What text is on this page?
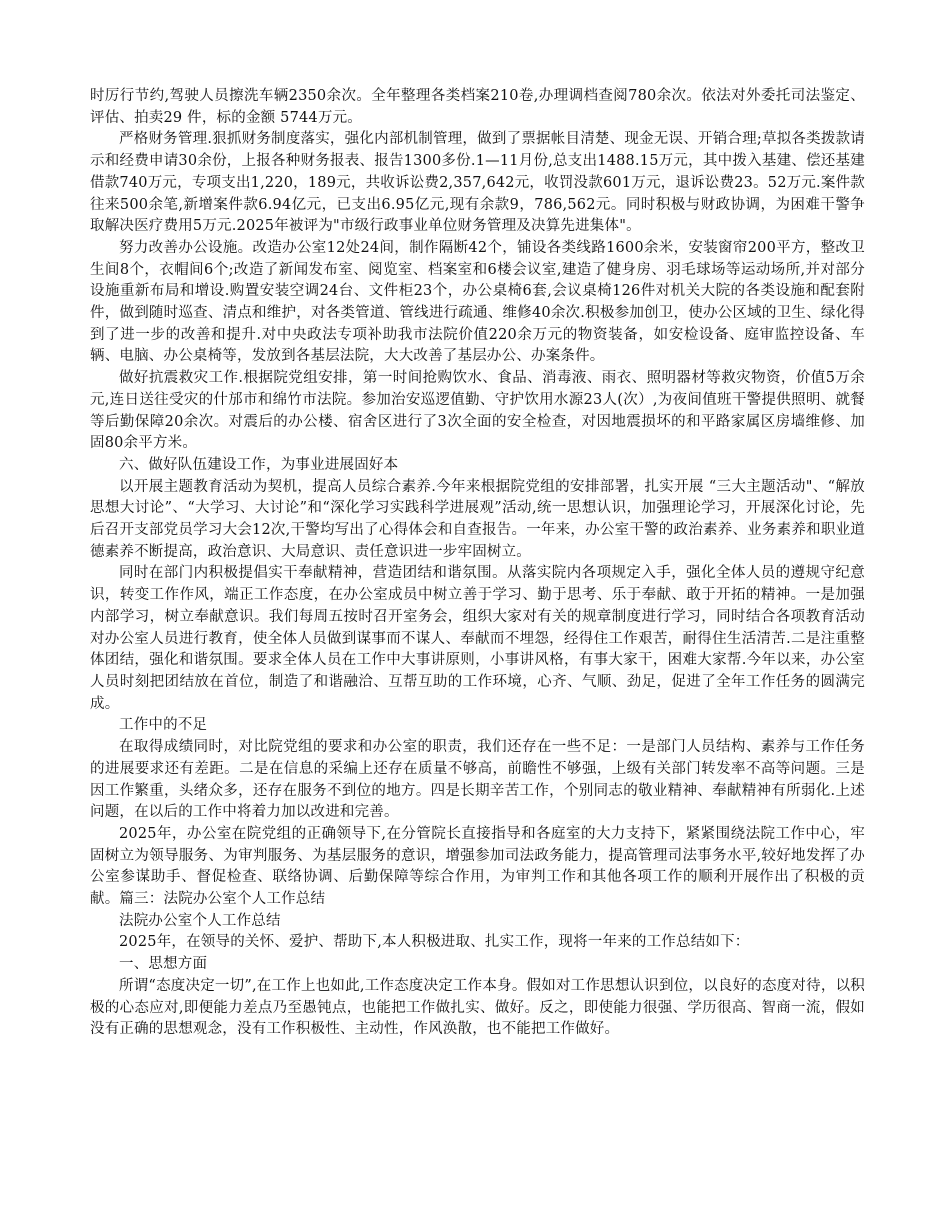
时厉行节约,驾驶人员擦洗车辆2350余次。全年整理各类档案210卷,办理调档查阅780余次。依法对外委托司法鉴定、评估、拍卖29 件，标的金额 5744万元。

严格财务管理.狠抓财务制度落实，强化内部机制管理，做到了票据帐目清楚、现金无误、开销合理;草拟各类拨款请示和经费申请30余份，上报各种财务报表、报告1300多份.1—11月份,总支出1488.15万元，其中拨入基建、偿还基建借款740万元，专项支出1,220，189元，共收诉讼费2,357,642元，收罚没款601万元，退诉讼费23。52万元.案件款往来500余笔,新增案件款6.94亿元，已支出6.95亿元,现有余款9，786,562元。同时积极与财政协调，为困难干警争取解决医疗费用5万元.2025年被评为"市级行政事业单位财务管理及决算先进集体"。

努力改善办公设施。改造办公室12处24间，制作隔断42个，铺设各类线路1600余米，安装窗帘200平方，整改卫生间8个，衣帽间6个;改造了新闻发布室、阅览室、档案室和6楼会议室,建造了健身房、羽毛球场等运动场所,并对部分设施重新布局和增设.购置安装空调24台、文件柜23个，办公桌椅6套,会议桌椅126件对机关大院的各类设施和配套附件，做到随时巡查、清点和维护，对各类管道、管线进行疏通、维修40余次.积极参加创卫，使办公区域的卫生、绿化得到了进一步的改善和提升.对中央政法专项补助我市法院价值220余万元的物资装备，如安检设备、庭审监控设备、车辆、电脑、办公桌椅等，发放到各基层法院，大大改善了基层办公、办案条件。

做好抗震救灾工作.根据院党组安排，第一时间抢购饮水、食品、消毒液、雨衣、照明器材等救灾物资，价值5万余元,连日送往受灾的什邡市和绵竹市法院。参加治安巡逻值勤、守护饮用水源23人(次）,为夜间值班干警提供照明、就餐等后勤保障20余次。对震后的办公楼、宿舍区进行了3次全面的安全检查，对因地震损坏的和平路家属区房墙维修、加固80余平方米。

六、做好队伍建设工作，为事业进展固好本

以开展主题教育活动为契机，提高人员综合素养.今年来根据院党组的安排部署，扎实开展 “三大主题活动"、“解放思想大讨论”、“大学习、大讨论”和“深化学习实践科学进展观”活动,统一思想认识，加强理论学习，开展深化讨论，先后召开支部党员学习大会12次,干警均写出了心得体会和自查报告。一年来，办公室干警的政治素养、业务素养和职业道德素养不断提高，政治意识、大局意识、责任意识进一步牢固树立。

同时在部门内积极提倡实干奉献精神，营造团结和谐氛围。从落实院内各项规定入手，强化全体人员的遵规守纪意识，转变工作作风，端正工作态度，在办公室成员中树立善于学习、勤于思考、乐于奉献、敢于开拓的精神。一是加强内部学习，树立奉献意识。我们每周五按时召开室务会，组织大家对有关的规章制度进行学习，同时结合各项教育活动对办公室人员进行教育，使全体人员做到谋事而不谋人、奉献而不埋怨，经得住工作艰苦，耐得住生活清苦.二是注重整体团结，强化和谐氛围。要求全体人员在工作中大事讲原则，小事讲风格，有事大家干，困难大家帮.今年以来，办公室人员时刻把团结放在首位，制造了和谐融洽、互帮互助的工作环境，心齐、气顺、劲足，促进了全年工作任务的圆满完成。

工作中的不足

在取得成绩同时，对比院党组的要求和办公室的职责，我们还存在一些不足：一是部门人员结构、素养与工作任务的进展要求还有差距。二是在信息的采编上还存在质量不够高，前瞻性不够强，上级有关部门转发率不高等问题。三是因工作繁重，头绪众多，还存在服务不到位的地方。四是长期辛苦工作，个别同志的敬业精神、奉献精神有所弱化.上述问题，在以后的工作中将着力加以改进和完善。

2025年，办公室在院党组的正确领导下,在分管院长直接指导和各庭室的大力支持下，紧紧围绕法院工作中心，牢固树立为领导服务、为审判服务、为基层服务的意识，增强参加司法政务能力，提高管理司法事务水平,较好地发挥了办公室参谋助手、督促检查、联络协调、后勤保障等综合作用，为审判工作和其他各项工作的顺利开展作出了积极的贡献。篇三：法院办公室个人工作总结

法院办公室个人工作总结

2025年，在领导的关怀、爱护、帮助下,本人积极进取、扎实工作，现将一年来的工作总结如下：

一、思想方面

所谓“态度决定一切”,在工作上也如此,工作态度决定工作本身。假如对工作思想认识到位，以良好的态度对待，以积极的心态应对,即便能力差点乃至愚钝点，也能把工作做扎实、做好。反之，即使能力很强、学历很高、智商一流，假如没有正确的思想观念，没有工作积极性、主动性，作风涣散，也不能把工作做好。
